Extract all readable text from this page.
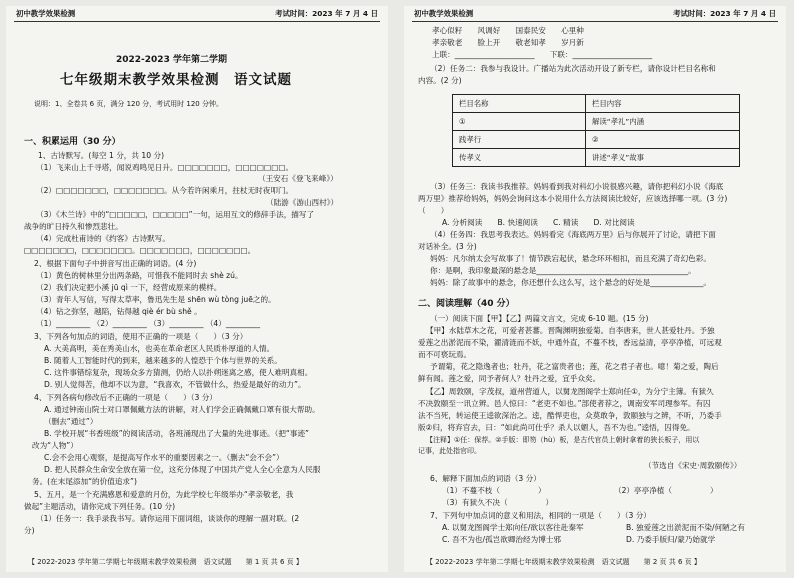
初中教学效果检测	考试时间：2023 年 7 月 4 日
2022-2023 学年第二学期
七年级期末教学效果检测　语文试题
说明：1、全卷共 6 页，满分 120 分，考试用时 120 分钟。
一、积累运用（30 分）
1、古诗默写。(每空 1 分，共 10 分)
（1）飞来山上千寻塔，闻说鸡鸣见日升。□□□□□□□，□□□□□□□。
（王安石《登飞来峰》）
（2）□□□□□□□，□□□□□□□。从今若许闲乘月，拄杖无时夜叩门。
（陆游《游山西村》）
（3）《木兰诗》中的“□□□□□，□□□□□”一句，运用互文的修辞手法，描写了
战争的旷日持久和惨烈悲壮。
（4）完成杜甫诗的《约客》古诗默写。
□□□□□□□，□□□□□□□。□□□□□□□，□□□□□□□。
2、根据下面句子中拼音写出正确的词语。(4 分)
（1）黄色的树林里分出两条路，可惜我不能同时去 shè zú。
（2）我们决定把小溪 jū qì 一下，经营成原来的模样。
（3）青年人写信，写得太草率，鲁迅先生是 shēn wù tòng juē之的。
（4）钻之弥坚，越陷，钻得越 qiè ér bù shě 。
（1）_________ （2）_________ （3）_________ （4）_________
3、下列各句加点的词语，使用不正确的一项是（　　）（3 分）
A. 大美高明，美在秀美山水，也美在革命老区人民质朴厚道的人情。
B. 随着人工智能时代的到来，越来越多的人惶恐于个体与世界的关系。
C. 这件事错综复杂，现场众多方猜测，仍给人以扑朔迷离之感，使人难明真相。
D. 别人觉得苦，他却不以为意，“我喜欢，不管做什么，热爱是最好的动力”。
4、下列各病句修改后不正确的一项是（　　）（3 分）
A. 通过钟南山院士对口罩佩戴方法的讲解，对人们学会正确佩戴口罩有很大帮助。
（删去“通过”）
B. 学校开展“书香班级”的阅读活动，各班涌现出了大量的先进事迹。（把“事迹”
改为“人物”）
C.会不会用心观察，是提高写作水平的重要因素之一。（删去“会不会”）
D. 把人民群众生命安全放在第一位，这充分体现了中国共产党人全心全意为人民服
务。(在末尾添加“的价值追求”)
5、五月，是一个充满感恩和爱意的月份，为此学校七年级举办“孝亲敬老，我
做起”主题活动，请你完成下列任务。(10 分)
（1）任务一：我手录我书写。请你运用下面词组，谈谈你的理解一副对联。(2
分)
【 2022-2023 学年第二学期七年级期末教学效果检测　语文试题　　第 1 页 共 6 页 】
初中教学效果检测	考试时间：2023 年 7 月 4 日
孝心似籽　　风调好　　国泰民安　　心里种
孝亲敬老　　脸上开　　敬老知孝　　岁月新
上联：_____________________　　下联：_____________________
（2）任务二：我参与我设计。广播站为此次活动开设了新专栏，请你设计栏目名称和
内容。(2 分)
栏目名称	栏目内容
①	解读“孝礼”内涵
践孝行	②
传孝义	讲述“孝义”故事
（3）任务三：我读书我推荐。妈妈看到我对科幻小说很感兴趣，请你把科幻小说《海底
两万里》推荐给妈妈，妈妈会询问这本小说用什么方法阅读比较好，应该选择哪一项。(3 分)
（　　）
A. 分析阅读　　B. 快速阅读　　C. 精读　　D. 对比阅读
（4）任务四：我思考我表达。妈妈看完《海底两万里》后与你展开了讨论，请把下面
对话补全。(3 分)
妈妈：凡尔纳太会写故事了！情节跌宕起伏，悬念环环相扣，而且充满了奇幻色彩。
你：是啊，我印象最深的悬念是________________________________________。
妈妈：除了故事中的悬念，你还想什么这么写，这个悬念的好处是______________。
二、阅读理解（40 分）
（一）阅读下面【甲】【乙】两篇文言文，完成 6-10 题。(15 分)
【甲】水陆草木之花，可爱者甚蕃。晋陶渊明独爱菊。自李唐来，世人甚爱牡丹。予独
爱莲之出淤泥而不染，濯清涟而不妖，中通外直，不蔓不枝，香远益清，亭亭净植，可远观
而不可亵玩焉。
予谓菊，花之隐逸者也；牡丹，花之富贵者也；莲，花之君子者也。噫！菊之爱，陶后
鲜有闻。莲之爱，同予者何人？牡丹之爱，宜乎众矣。
【乙】周敦颐，字茂叔，道州营道人，以舅龙图阁学士郑向任①，为分宁主簿。有狱久
不决敦颐至一讯立辨。邑人惊曰：“老吏不如也。”部使者荐之，调南安军司理参军。有囚
法不当死，转运使王逵欲深治之。逵，酷悍吏也，众莫敢争，敦颐独与之辨，不听，乃委手
版②归，将弃官去，曰：“如此尚可仕乎？杀人以媚人，吾不为也。”逵悟，囚得免。
【注释】①任：保荐。②手版：即笏（hù）板，是古代官员上朝时拿着的狭长板子，用以
记事，此处指官印。
（节选自《宋史·周敦颐传》）
6、解释下面加点的词语（3 分）
（1）不蔓不枝（　　　　　）	（2）亭亭净植（　　　　　）
（3）有狱久不决（　　　　　）
7、下列句中加点词的意义和用法，相同的一项是（　　）（3 分）
A. 以舅龙图阁学士郑向任/欲以客往赴秦军	B. 独爱莲之出淤泥而不染/何陋之有
C. 吾不为也/孤岂欲卿治经为博士邪	D. 乃委手版归/蒙乃始就学
【 2022-2023 学年第二学期七年级期末教学效果检测　语文试题　　第 2 页 共 6 页 】
